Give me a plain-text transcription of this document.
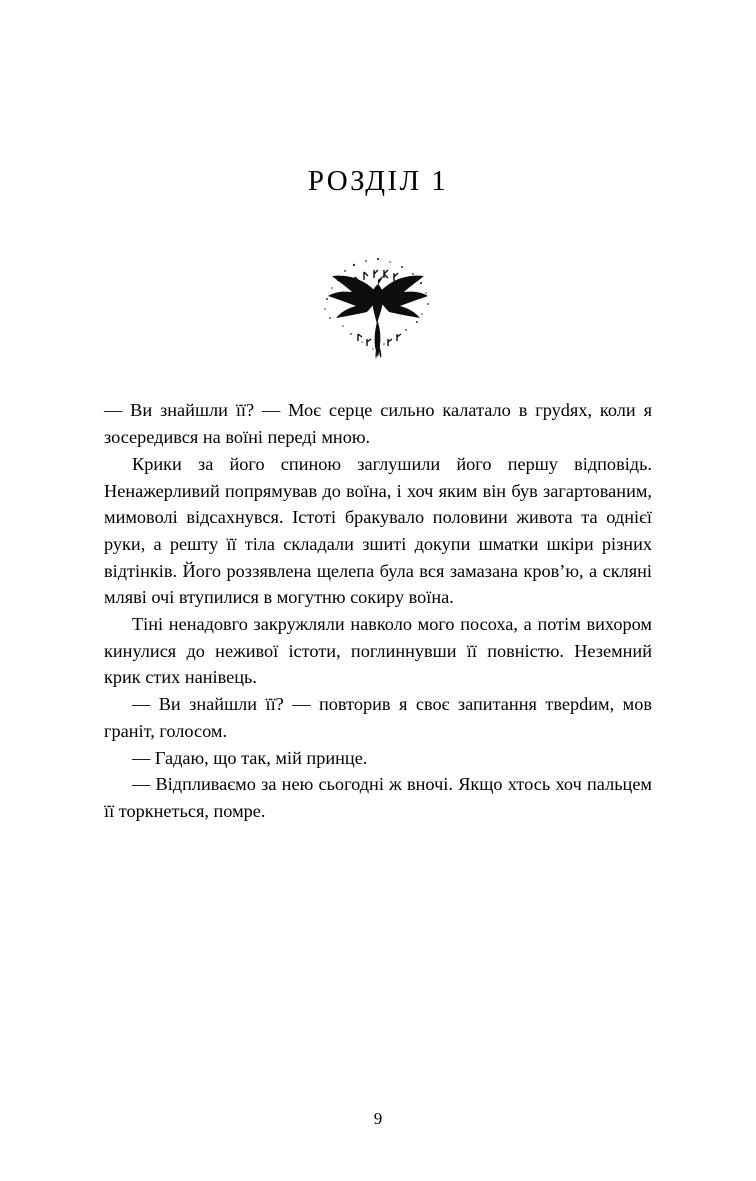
РОЗДІЛ 1

— Ви знайшли її? — Моє серце сильно калатало в груdях, коли я зосередився на воїні переді мною.

Крики за його спиною заглушили його першу відповідь. Ненажерливий попрямував до воїна, і хоч яким він був загартованим, мимоволі відсахнувся. Істоті бракувало половини живота та однієї руки, а решту її тіла складали зшиті докупи шматки шкіри різних відтінків. Його роззявлена щелепа була вся замазана кров’ю, а скляні мляві очі втупилися в могутню сокиру воїна.

Тіні ненадовго закружляли навколо мого посоха, а потім вихором кинулися до неживої істоти, поглиннувши її повністю. Неземний крик стих нанівець.

— Ви знайшли її? — повторив я своє запитання тверdим, мов граніт, голосом.

— Гадаю, що так, мій принце.

— Відпливаємо за нею сьогодні ж вночі. Якщо хтось хоч пальцем її торкнеться, помре.

9
